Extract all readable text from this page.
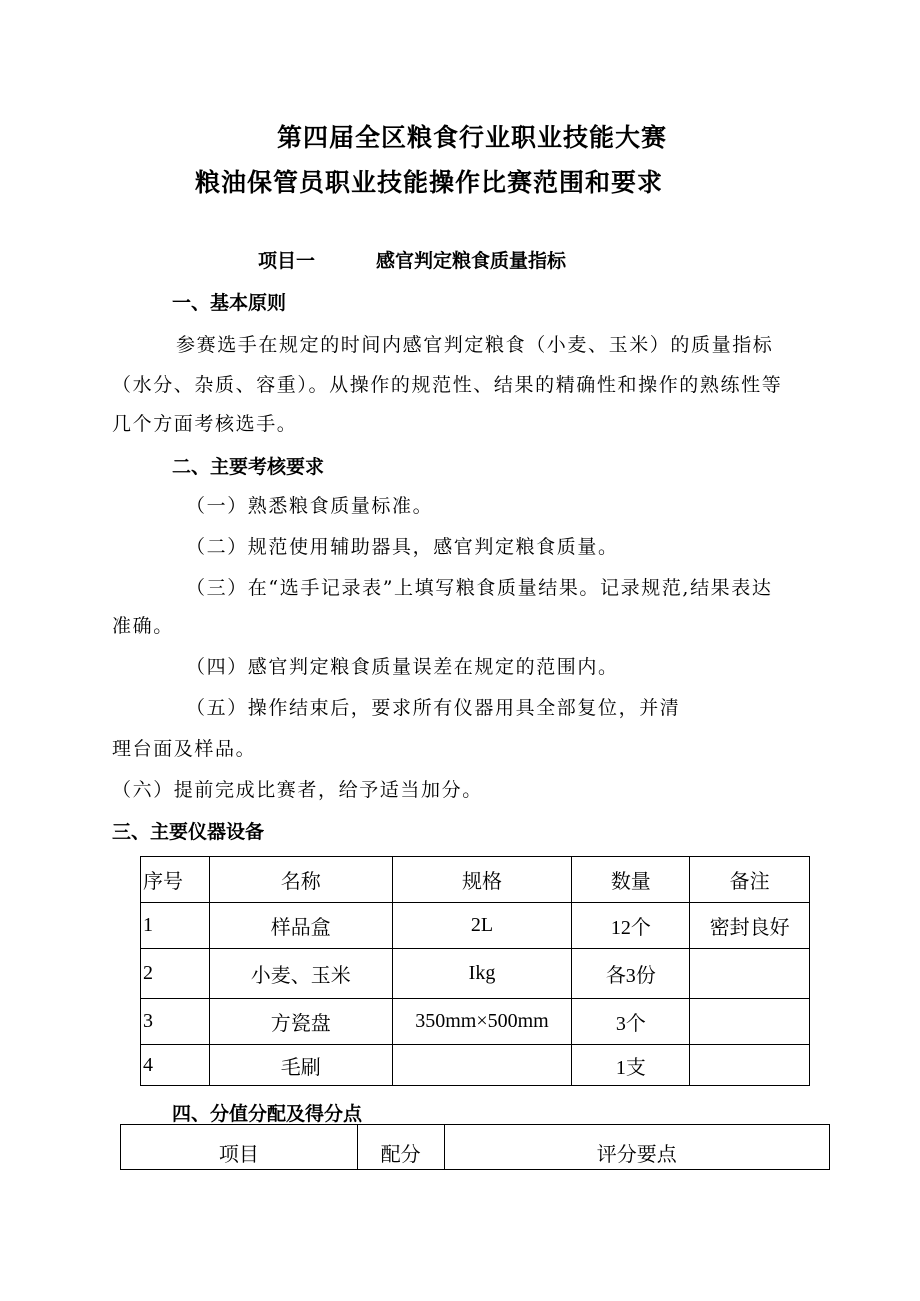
第四届全区粮食行业职业技能大赛
粮油保管员职业技能操作比赛范围和要求
项目一	感官判定粮食质量指标
一、基本原则
参赛选手在规定的时间内感官判定粮食（小麦、玉米）的质量指标
（水分、杂质、容重）。从操作的规范性、结果的精确性和操作的熟练性等
几个方面考核选手。
二、主要考核要求
（一）熟悉粮食质量标准。
（二）规范使用辅助器具，感官判定粮食质量。
（三）在“选手记录表”上填写粮食质量结果。记录规范,结果表达
准确。
（四）感官判定粮食质量误差在规定的范围内。
（五）操作结束后，要求所有仪器用具全部复位，并清
理台面及样品。
（六）提前完成比赛者，给予适当加分。
三、主要仪器设备
序号	名称	规格	数量	备注
1	样品盒	2L	12个	密封良好
2	小麦、玉米	Ikg	各3份	
3	方瓷盘	350mm×500mm	3个	
4	毛刷		1支	
四、分值分配及得分点
项目	配分	评分要点
